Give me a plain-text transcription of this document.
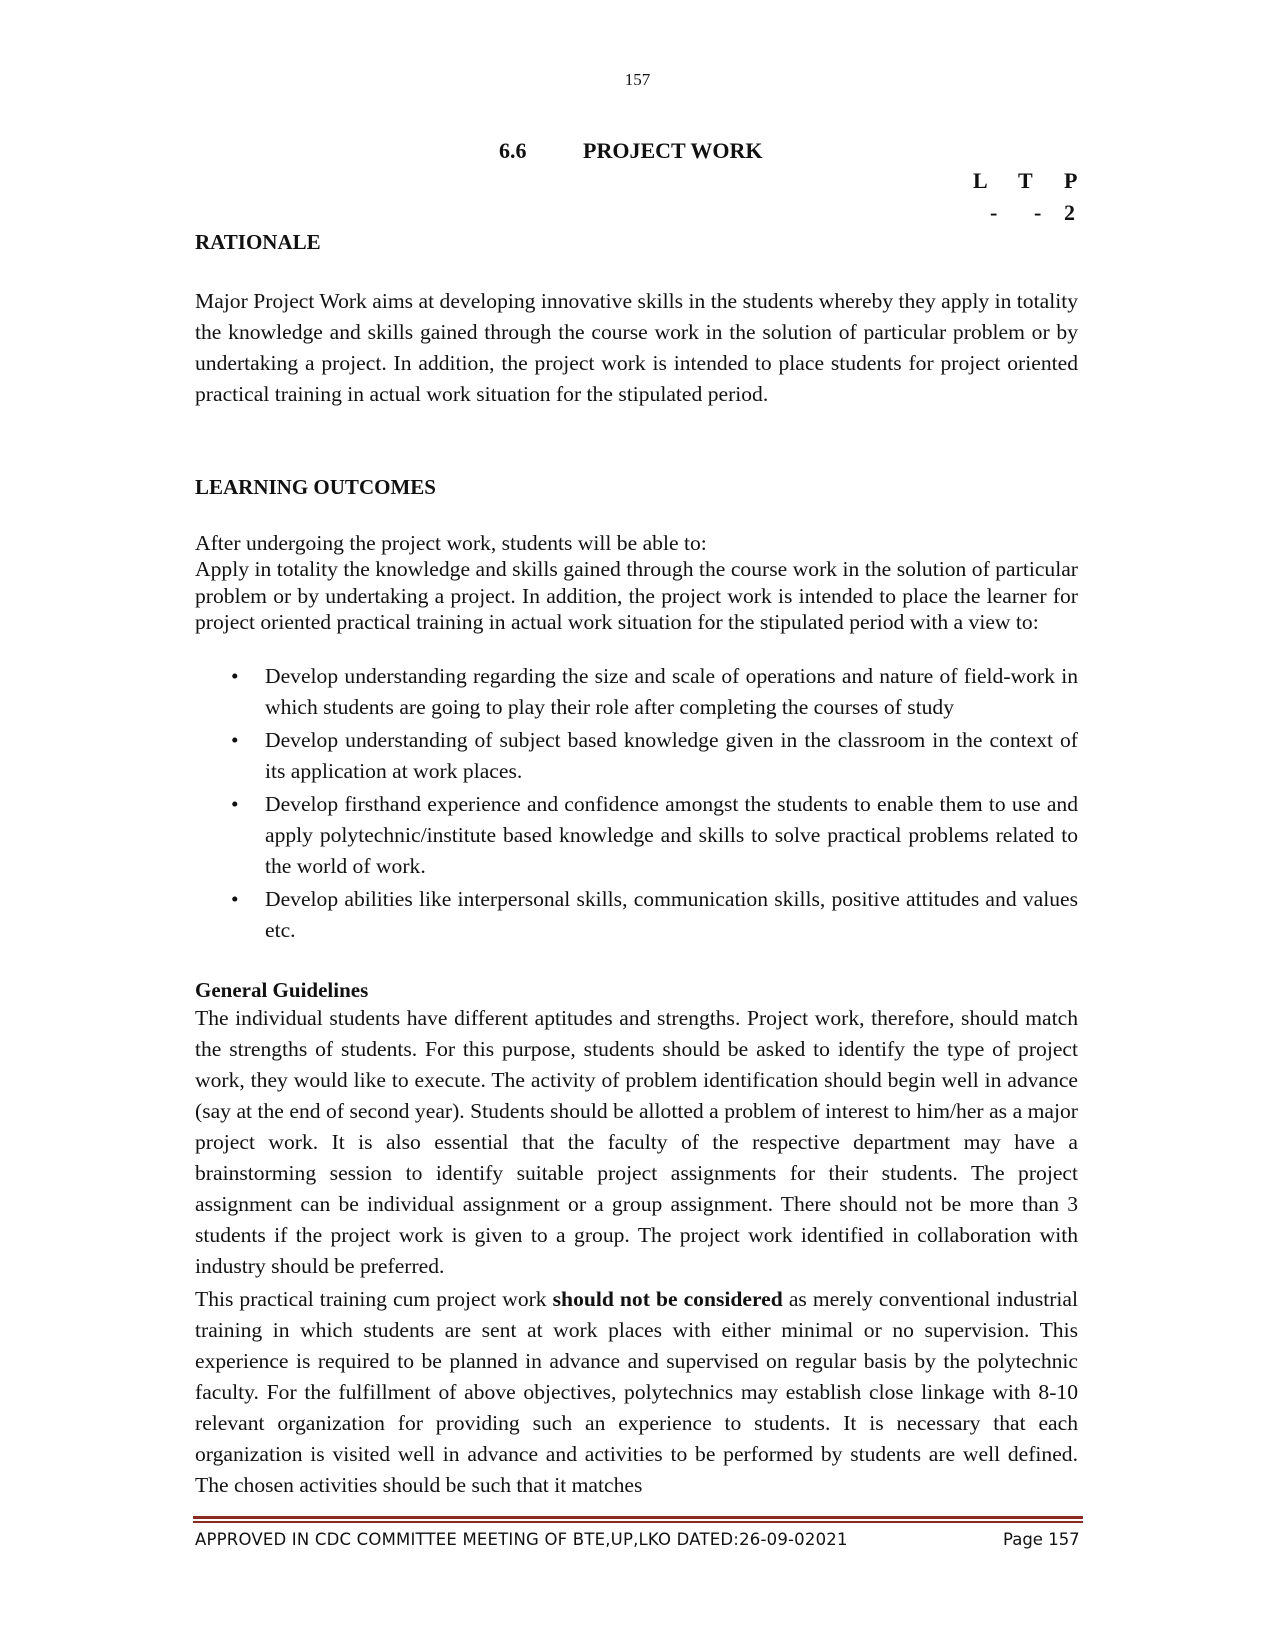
157
6.6	PROJECT WORK
L T P
- - 2
RATIONALE
Major Project Work aims at developing innovative skills in the students whereby they apply in totality the knowledge and skills gained through the course work in the solution of particular problem or by undertaking a project. In addition, the project work is intended to place students for project oriented practical training in actual work situation for the stipulated period.
LEARNING OUTCOMES
After undergoing the project work, students will be able to:
Apply in totality the knowledge and skills gained through the course work in the solution of particular problem or by undertaking a project. In addition, the project work is intended to place the learner for project oriented practical training in actual work situation for the stipulated period with a view to:
• Develop understanding regarding the size and scale of operations and nature of field-work in which students are going to play their role after completing the courses of study
• Develop understanding of subject based knowledge given in the classroom in the context of its application at work places.
• Develop firsthand experience and confidence amongst the students to enable them to use and apply polytechnic/institute based knowledge and skills to solve practical problems related to the world of work.
• Develop abilities like interpersonal skills, communication skills, positive attitudes and values etc.
General Guidelines
The individual students have different aptitudes and strengths. Project work, therefore, should match the strengths of students. For this purpose, students should be asked to identify the type of project work, they would like to execute. The activity of problem identification should begin well in advance (say at the end of second year). Students should be allotted a problem of interest to him/her as a major project work. It is also essential that the faculty of the respective department may have a brainstorming session to identify suitable project assignments for their students. The project assignment can be individual assignment or a group assignment. There should not be more than 3 students if the project work is given to a group. The project work identified in collaboration with industry should be preferred.
This practical training cum project work should not be considered as merely conventional industrial training in which students are sent at work places with either minimal or no supervision. This experience is required to be planned in advance and supervised on regular basis by the polytechnic faculty. For the fulfillment of above objectives, polytechnics may establish close linkage with 8-10 relevant organization for providing such an experience to students. It is necessary that each organization is visited well in advance and activities to be performed by students are well defined. The chosen activities should be such that it matches
APPROVED IN CDC COMMITTEE MEETING OF BTE,UP,LKO DATED:26-09-02021	Page 157
